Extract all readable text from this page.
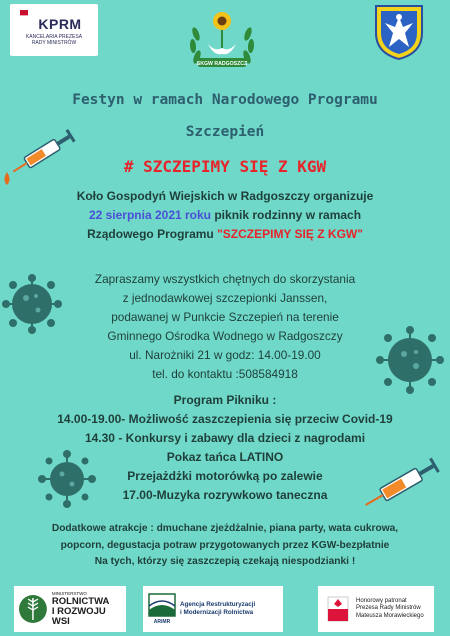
KPRM
KANCELARIA PREZESA
RADY MINISTRÓW
SKGW RADGOSZCZ
Festyn w ramach Narodowego Programu
Szczepień
# SZCZEPIMY SIĘ Z KGW
Koło Gospodyń Wiejskich w Radgoszczy organizuje
22 sierpnia 2021 roku piknik rodzinny w ramach
Rządowego Programu "SZCZEPIMY SIĘ Z KGW"
Zapraszamy wszystkich chętnych do skorzystania
z jednodawkowej szczepionki Janssen,
podawanej w Punkcie Szczepień na terenie
Gminnego Ośrodka Wodnego w Radgoszczy
ul. Narożniki 21 w godz: 14.00-19.00
tel. do kontaktu :508584918
Program Pikniku :
14.00-19.00- Możliwość zaszczepienia się przeciw Covid-19
14.30 - Konkursy i zabawy dla dzieci z nagrodami
Pokaz tańca LATINO
Przejażdżki motorówką po zalewie
17.00-Muzyka rozrywkowo taneczna
Dodatkowe atrakcje : dmuchane zjeżdżalnie, piana party, wata cukrowa,
popcorn, degustacja potraw przygotowanych przez KGW-bezpłatnie
Na tych, którzy się zaszczepią czekają niespodzianki !
MINISTERSTWO
ROLNICTWA
I ROZWOJU WSI	ARiMR
Agencja Restrukturyzacji
i Modernizacji Rolnictwa
Honorowy patronat
Prezesa Rady Ministrów
Mateusza Morawieckiego
